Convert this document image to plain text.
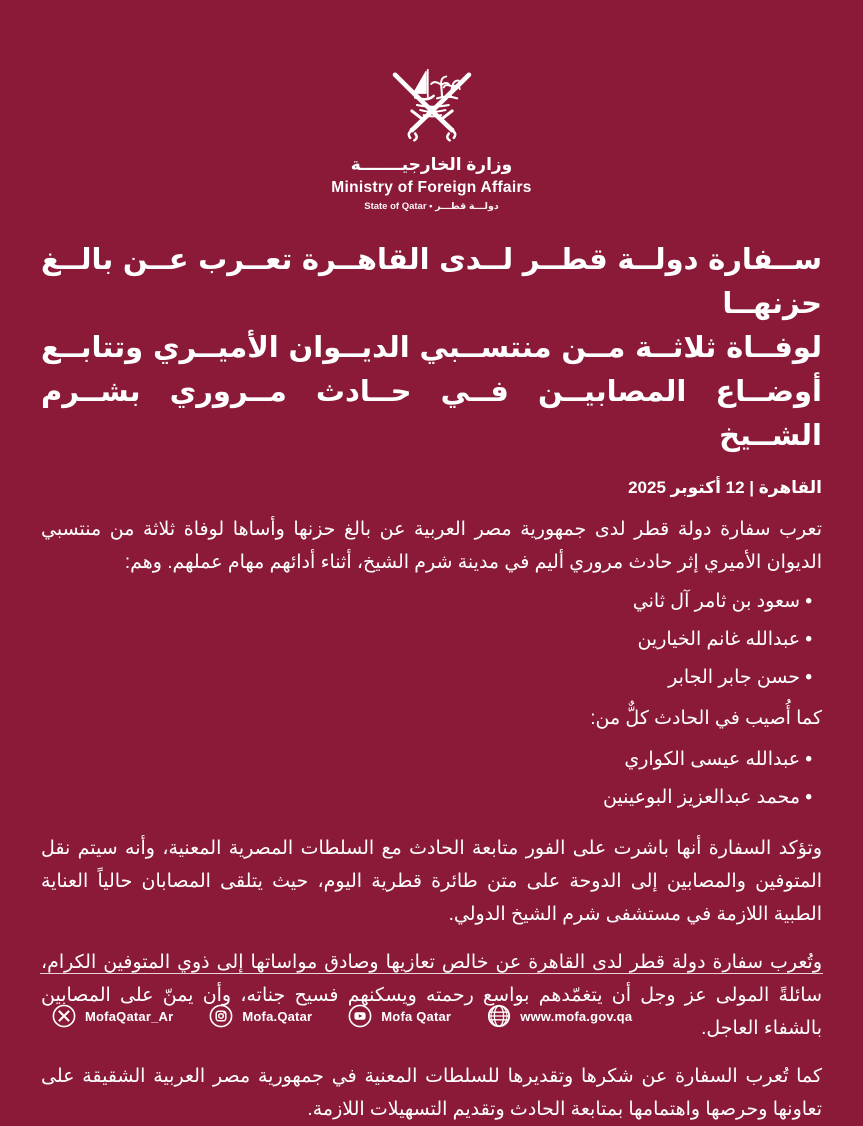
وزارة الخارجيـــــــة
Ministry of Foreign Affairs
State of Qatar • دولـــة قطـــر
ســفارة دولــة قطــر لــدى القاهــرة تعــرب عــن بالــغ حزنهــا
لوفــاة ثلاثــة مــن منتســبي الديــوان الأميــري وتتابــع
أوضــاع المصابيــن فــي حــادث مــروري بشــرم الشــيخ
القاهرة | 12 أكتوبر 2025
تعرب سفارة دولة قطر لدى جمهورية مصر العربية عن بالغ حزنها وأساها لوفاة ثلاثة من منتسبي الديوان الأميري إثر حادث مروري أليم في مدينة شرم الشيخ، أثناء أدائهم مهام عملهم. وهم:
• سعود بن ثامر آل ثاني
• عبدالله غانم الخيارين
• حسن جابر الجابر
كما أُصيب في الحادث كلٌّ من:
• عبدالله عيسى الكواري
• محمد عبدالعزيز البوعينين
وتؤكد السفارة أنها باشرت على الفور متابعة الحادث مع السلطات المصرية المعنية، وأنه سيتم نقل المتوفين والمصابين إلى الدوحة على متن طائرة قطرية اليوم، حيث يتلقى المصابان حالياً العناية الطبية اللازمة في مستشفى شرم الشيخ الدولي.
وتُعرب سفارة دولة قطر لدى القاهرة عن خالص تعازيها وصادق مواساتها إلى ذوي المتوفين الكرام، سائلةً المولى عز وجل أن يتغمّدهم بواسع رحمته ويسكنهم فسيح جناته، وأن يمنّ على المصابين بالشفاء العاجل.
كما تُعرب السفارة عن شكرها وتقديرها للسلطات المعنية في جمهورية مصر العربية الشقيقة على تعاونها وحرصها واهتمامها بمتابعة الحادث وتقديم التسهيلات اللازمة.
MofaQatar_Ar	Mofa.Qatar	Mofa Qatar	www.mofa.gov.qa
